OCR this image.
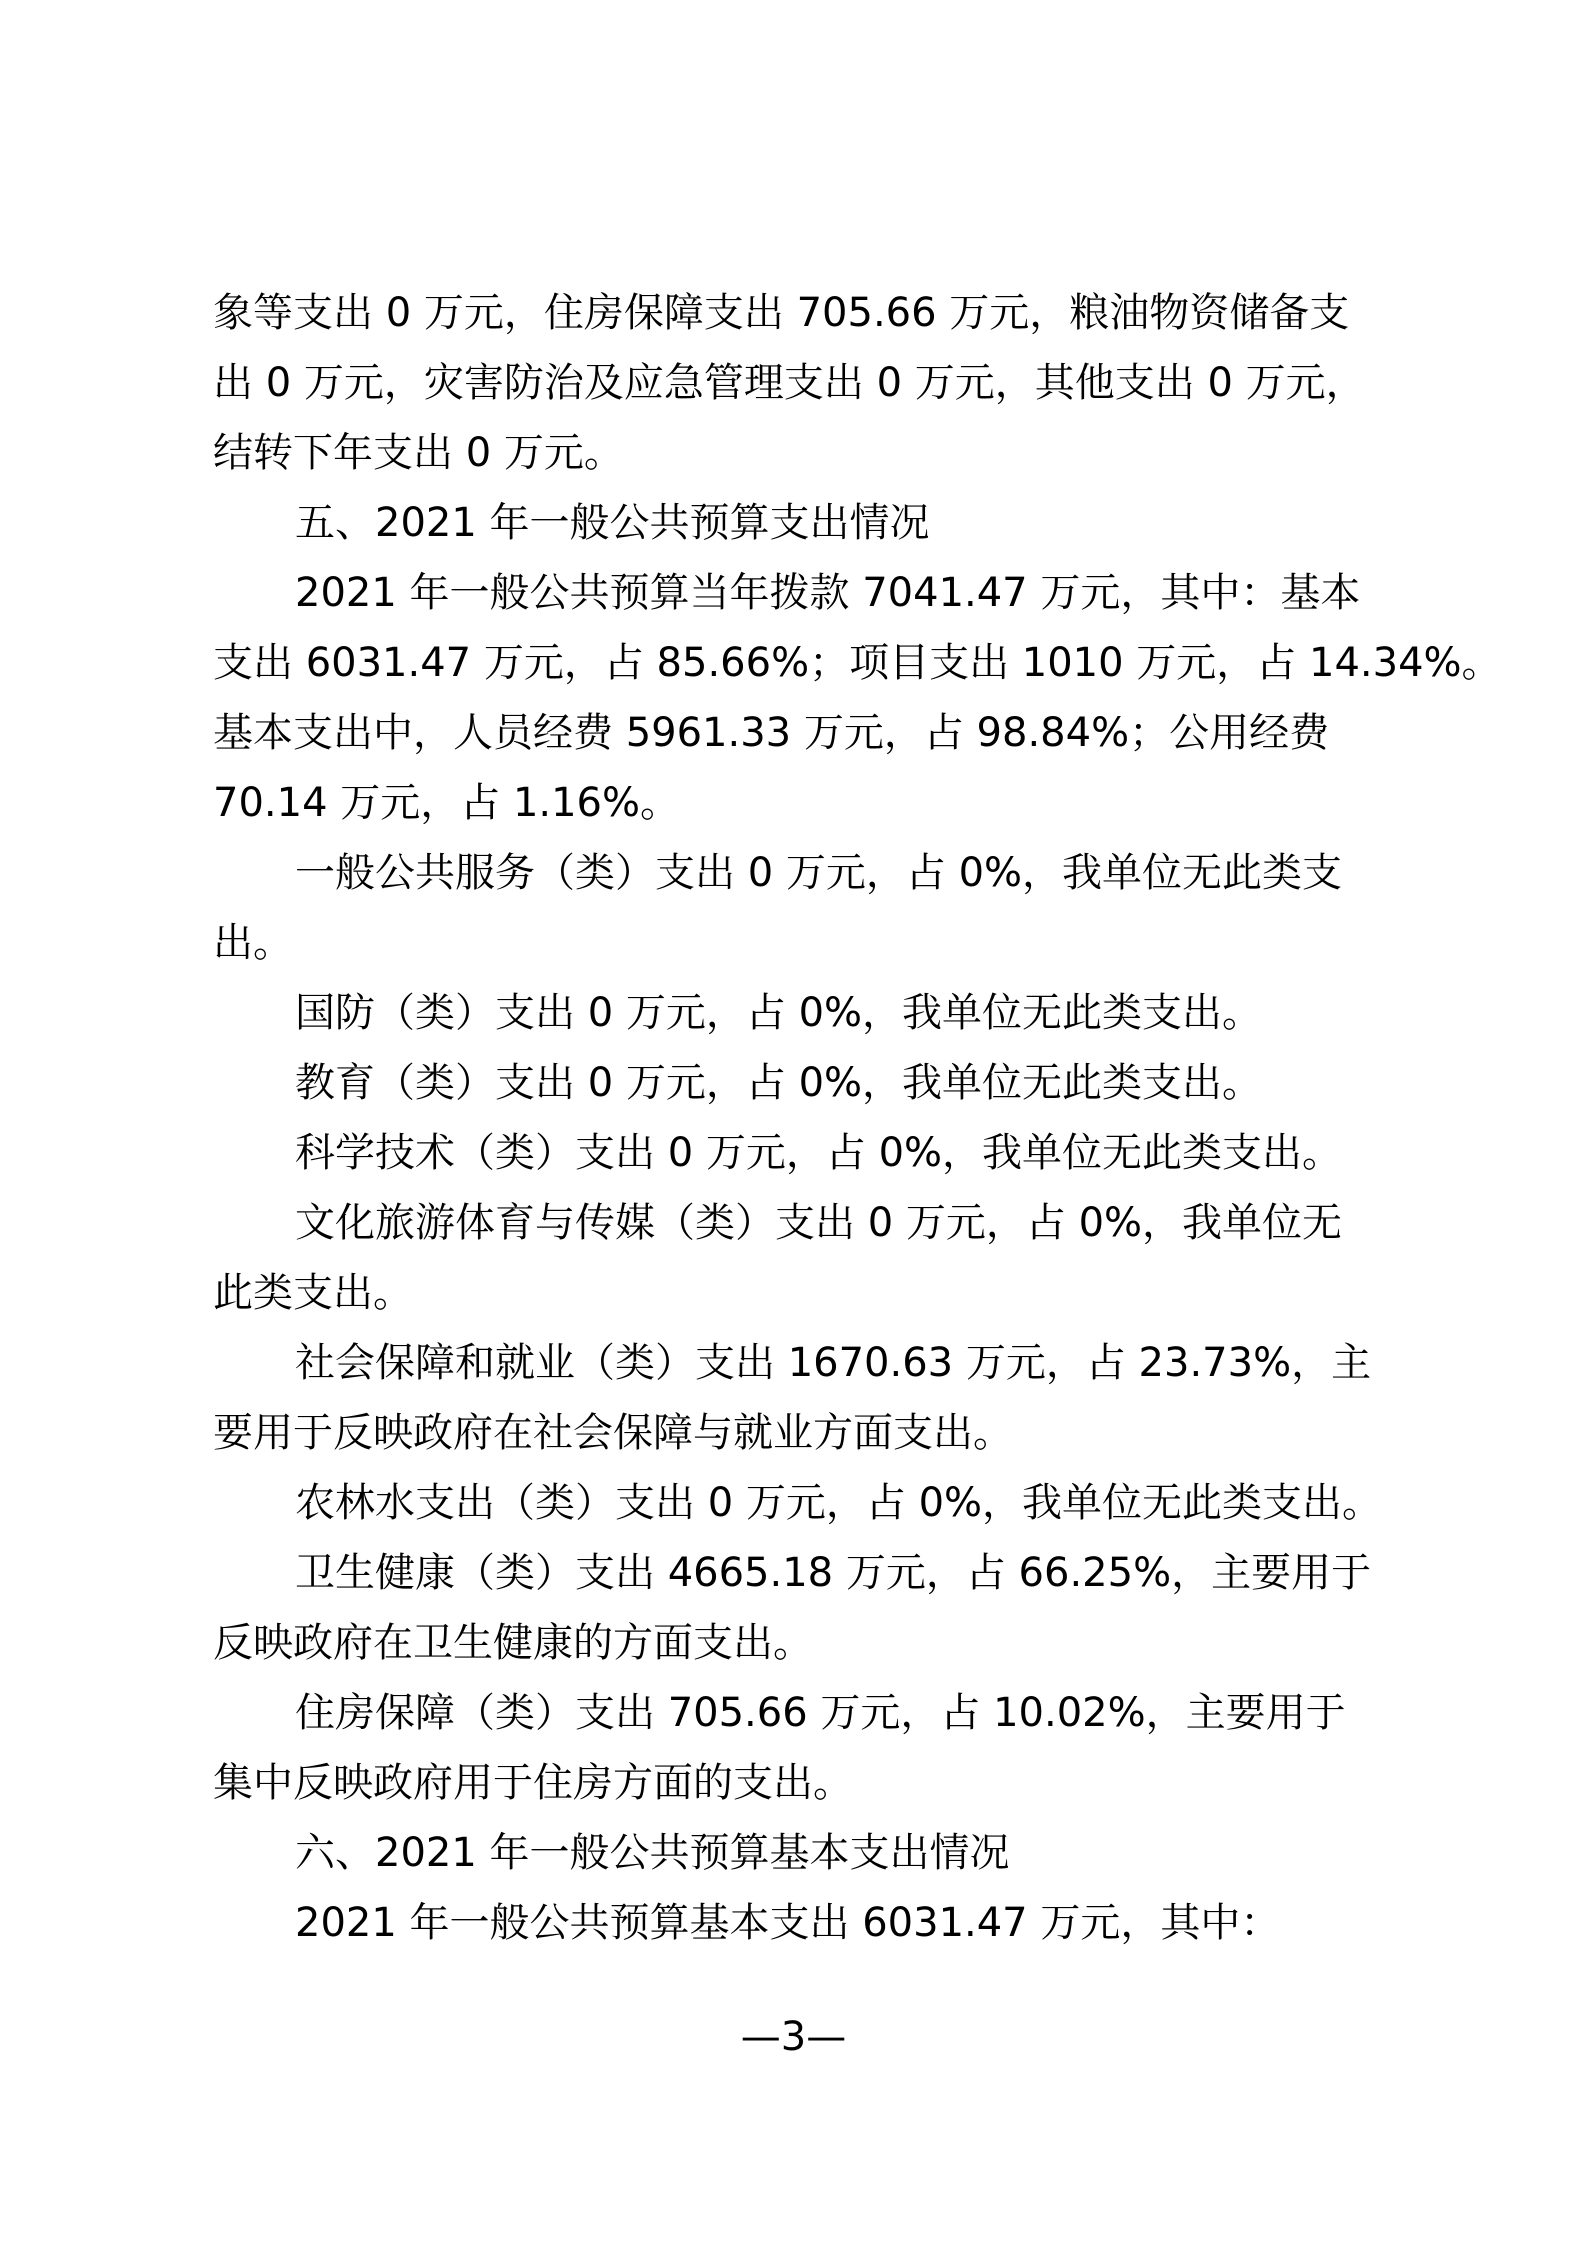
象等支出 0 万元，住房保障支出 705.66 万元，粮油物资储备支

出 0 万元，灾害防治及应急管理支出 0 万元，其他支出 0 万元，

结转下年支出 0 万元。

五、2021 年一般公共预算支出情况

2021 年一般公共预算当年拨款 7041.47 万元，其中：基本

支出 6031.47 万元，占 85.66%；项目支出 1010 万元，占 14.34%。

基本支出中，人员经费 5961.33 万元，占 98.84%；公用经费

70.14 万元，占 1.16%。

一般公共服务（类）支出 0 万元，占 0%，我单位无此类支

出。

国防（类）支出 0 万元，占 0%，我单位无此类支出。

教育（类）支出 0 万元，占 0%，我单位无此类支出。

科学技术（类）支出 0 万元，占 0%，我单位无此类支出。

文化旅游体育与传媒（类）支出 0 万元，占 0%，我单位无

此类支出。

社会保障和就业（类）支出 1670.63 万元，占 23.73%，主

要用于反映政府在社会保障与就业方面支出。

农林水支出（类）支出 0 万元，占 0%，我单位无此类支出。

卫生健康（类）支出 4665.18 万元，占 66.25%，主要用于

反映政府在卫生健康的方面支出。

住房保障（类）支出 705.66 万元，占 10.02%，主要用于

集中反映政府用于住房方面的支出。

六、2021 年一般公共预算基本支出情况

2021 年一般公共预算基本支出 6031.47 万元，其中：

—3—
